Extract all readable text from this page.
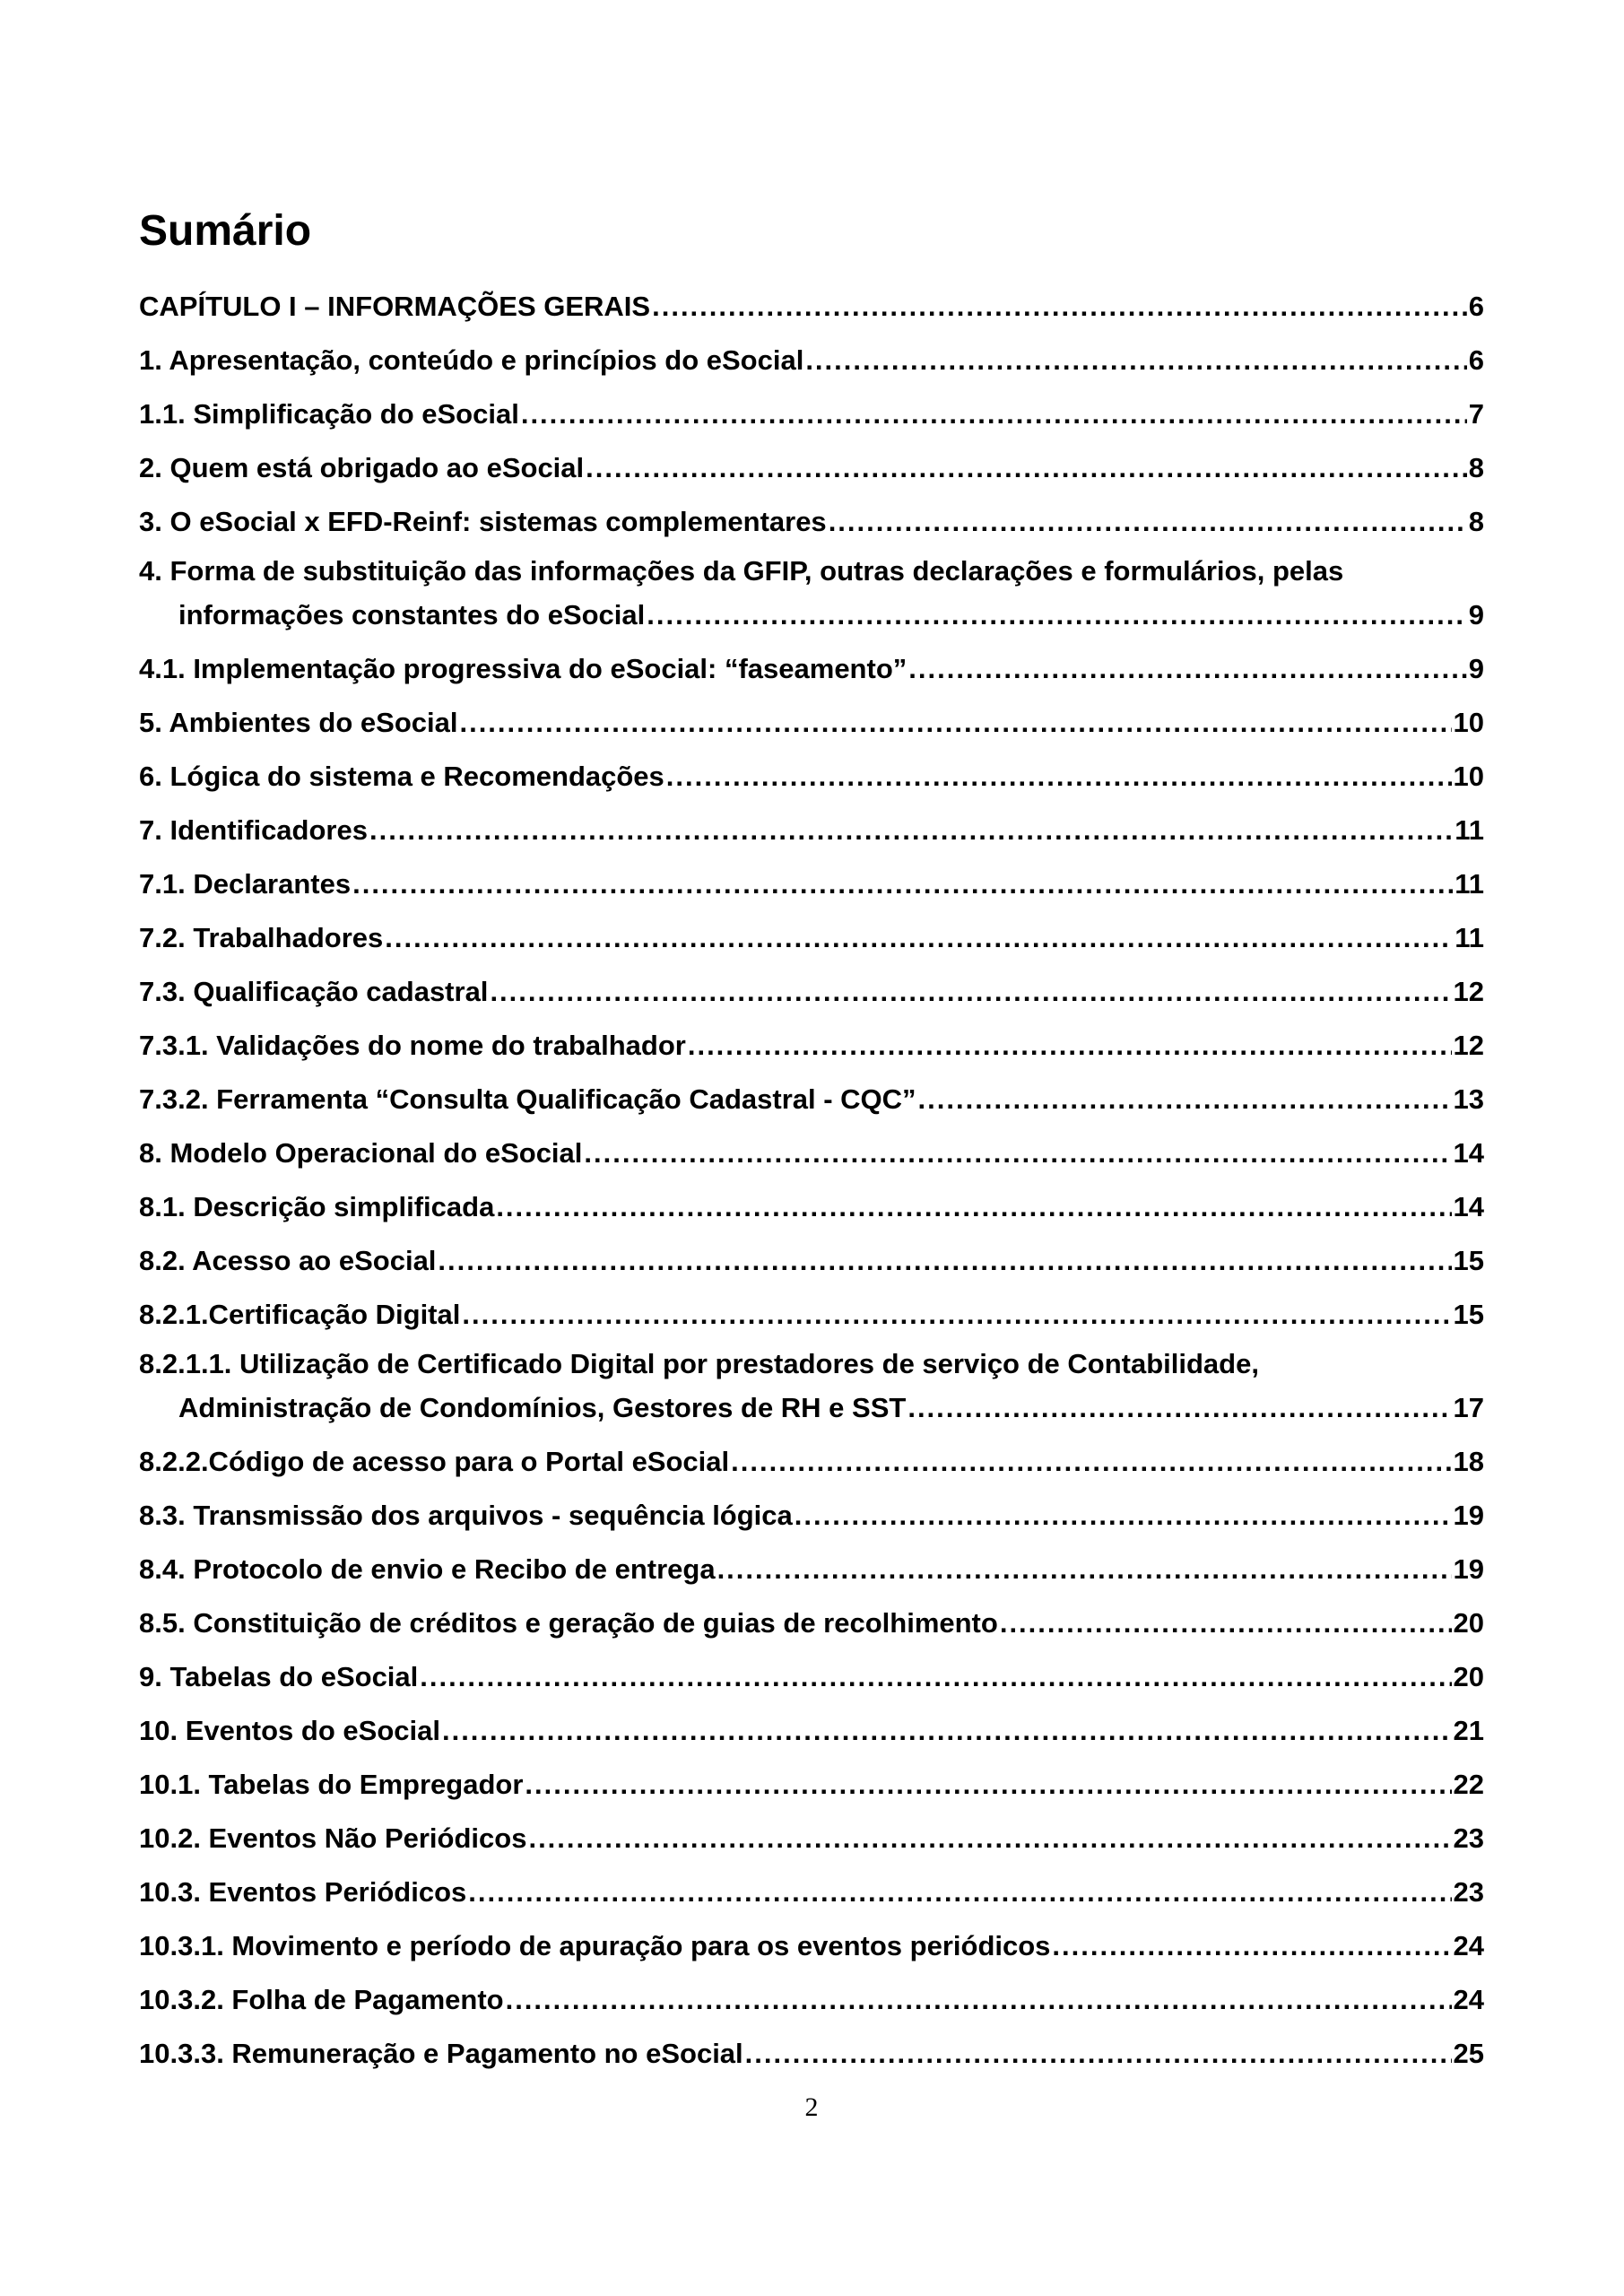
Sumário
CAPÍTULO I – INFORMAÇÕES GERAIS .....	6
1. Apresentação, conteúdo e princípios do eSocial .....	6
1.1. Simplificação do eSocial .....	7
2. Quem está obrigado ao eSocial .....	8
3. O eSocial x EFD-Reinf: sistemas complementares .....	8
4. Forma de substituição das informações da GFIP, outras declarações e formulários, pelas
informações constantes do eSocial .....	9
4.1. Implementação progressiva do eSocial: “faseamento” .....	9
5. Ambientes do eSocial .....	10
6. Lógica do sistema e Recomendações .....	10
7. Identificadores .....	11
7.1. Declarantes .....	11
7.2. Trabalhadores .....	11
7.3. Qualificação cadastral .....	12
7.3.1. Validações do nome do trabalhador .....	12
7.3.2. Ferramenta “Consulta Qualificação Cadastral - CQC” .....	13
8. Modelo Operacional do eSocial .....	14
8.1. Descrição simplificada .....	14
8.2. Acesso ao eSocial .....	15
8.2.1.Certificação Digital .....	15
8.2.1.1. Utilização de Certificado Digital por prestadores de serviço de Contabilidade,
Administração de Condomínios, Gestores de RH e SST .....	17
8.2.2.Código de acesso para o Portal eSocial .....	18
8.3. Transmissão dos arquivos - sequência lógica .....	19
8.4. Protocolo de envio e Recibo de entrega .....	19
8.5. Constituição de créditos e geração de guias de recolhimento .....	20
9. Tabelas do eSocial .....	20
10. Eventos do eSocial .....	21
10.1. Tabelas do Empregador .....	22
10.2. Eventos Não Periódicos .....	23
10.3. Eventos Periódicos .....	23
10.3.1. Movimento e período de apuração para os eventos periódicos .....	24
10.3.2. Folha de Pagamento .....	24
10.3.3. Remuneração e Pagamento no eSocial .....	25
2
